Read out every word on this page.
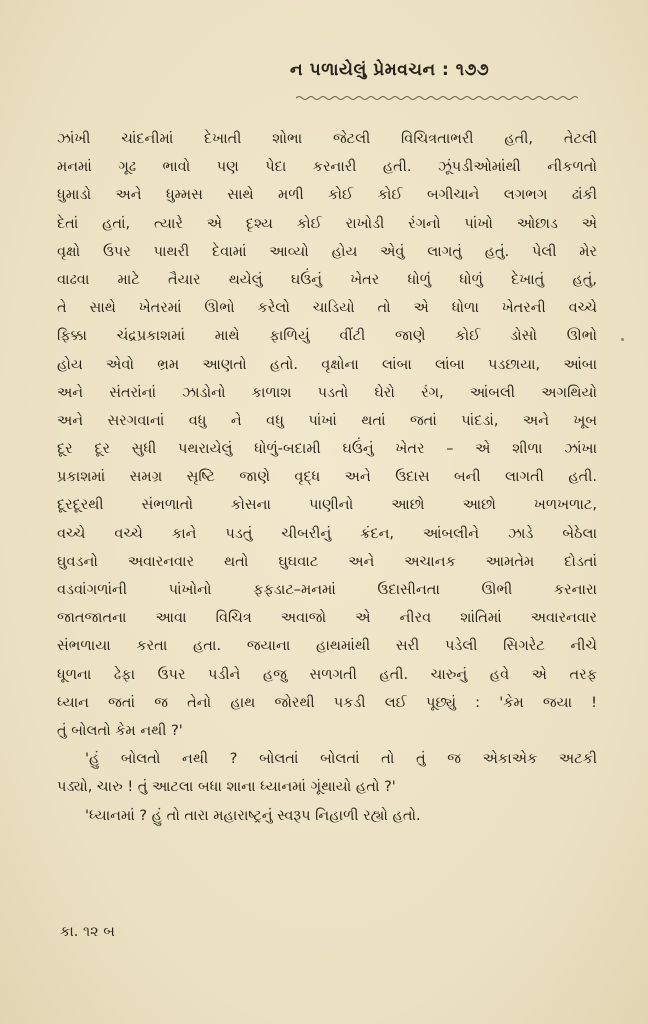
ન પળાયેલું પ્રેમવચન : ૧૭૭
ઝાંખી ચાંદનીમાં દેખાતી શોભા જેટલી વિચિત્રતાભરી હતી, તેટલી
મનમાં ગૂઢ ભાવો પણ પેદા કરનારી હતી. ઝૂંપડીઓમાંથી નીકળતો
ધુમાડો અને ધુમ્મસ સાથે મળી કોઈ કોઈ બગીચાને લગભગ ઢાંકી
દેતાં હતાં, ત્યારે એ દૃશ્ય કોઈ રાખોડી રંગનો પાંખો ઓછાડ એ
વૃક્ષો ઉપર પાથરી દેવામાં આવ્યો હોય એવું લાગતું હતું. પેલી મેર
વાઢવા માટે તૈયાર થયેલું ઘઉંનું ખેતર ધોળું ધોળું દેખાતું હતું,
તે સાથે ખેતરમાં ઊભો કરેલો ચાડિયો તો એ ધોળા ખેતરની વચ્ચે
ફિક્કા ચંદ્રપ્રકાશમાં માથે ફાળિયું વીંટી જાણે કોઈ ડોસો ઊભો
હોય એવો ભ્રમ આણતો હતો. વૃક્ષોના લાંબા લાંબા પડછાયા, આંબા
અને સંતરાંનાં ઝાડોનો કાળાશ પડતો ઘેરો રંગ, આંબલી અગથિયો
અને સરગવાનાં વધુ ને વધુ પાંખાં થતાં જતાં પાંદડાં, અને ખૂબ
દૂર દૂર સુધી પથરાયેલું ધોળું-બદામી ઘઉંનું ખેતર – એ શીળા ઝાંખા
પ્રકાશમાં સમગ્ર સૃષ્ટિ જાણે વૃદ્ધ અને ઉદાસ બની લાગતી હતી.
દૂરદૂરથી સંભળાતો કોસના પાણીનો આછો આછો ખળખળાટ,
વચ્ચે વચ્ચે કાને પડતું ચીબરીનું ક્રંદન, આંબલીને ઝાડે બેઠેલા
ઘુવડનો અવારનવાર થતો ઘુઘવાટ અને અચાનક આમતેમ દોડતાં
વડવાંગળાંની પાંખોનો ફફડાટ–મનમાં ઉદાસીનતા ઊભી કરનારા
જાતજાતના આવા વિચિત્ર અવાજો એ નીરવ શાંતિમાં અવારનવાર
સંભળાયા કરતા હતા. જયાના હાથમાંથી સરી પડેલી સિગરેટ નીચે
ધૂળના ઢેફા ઉપર પડીને હજુ સળગતી હતી. ચારુનું હવે એ તરફ
ધ્યાન જતાં જ તેનો હાથ જોરથી પકડી લઈ પૂછ્યું : 'કેમ જયા !
તું બોલતો કેમ નથી ?'
'હું બોલતો નથી ? બોલતાં બોલતાં તો તું જ એકાએક અટકી
પડ્યો, ચારુ ! તું આટલા બધા શાના ધ્યાનમાં ગૂંથાયો હતો ?'
'ધ્યાનમાં ? હું તો તારા મહારાષ્ટ્રનું સ્વરૂપ નિહાળી રહ્યો હતો.
કા. ૧૨ બ
